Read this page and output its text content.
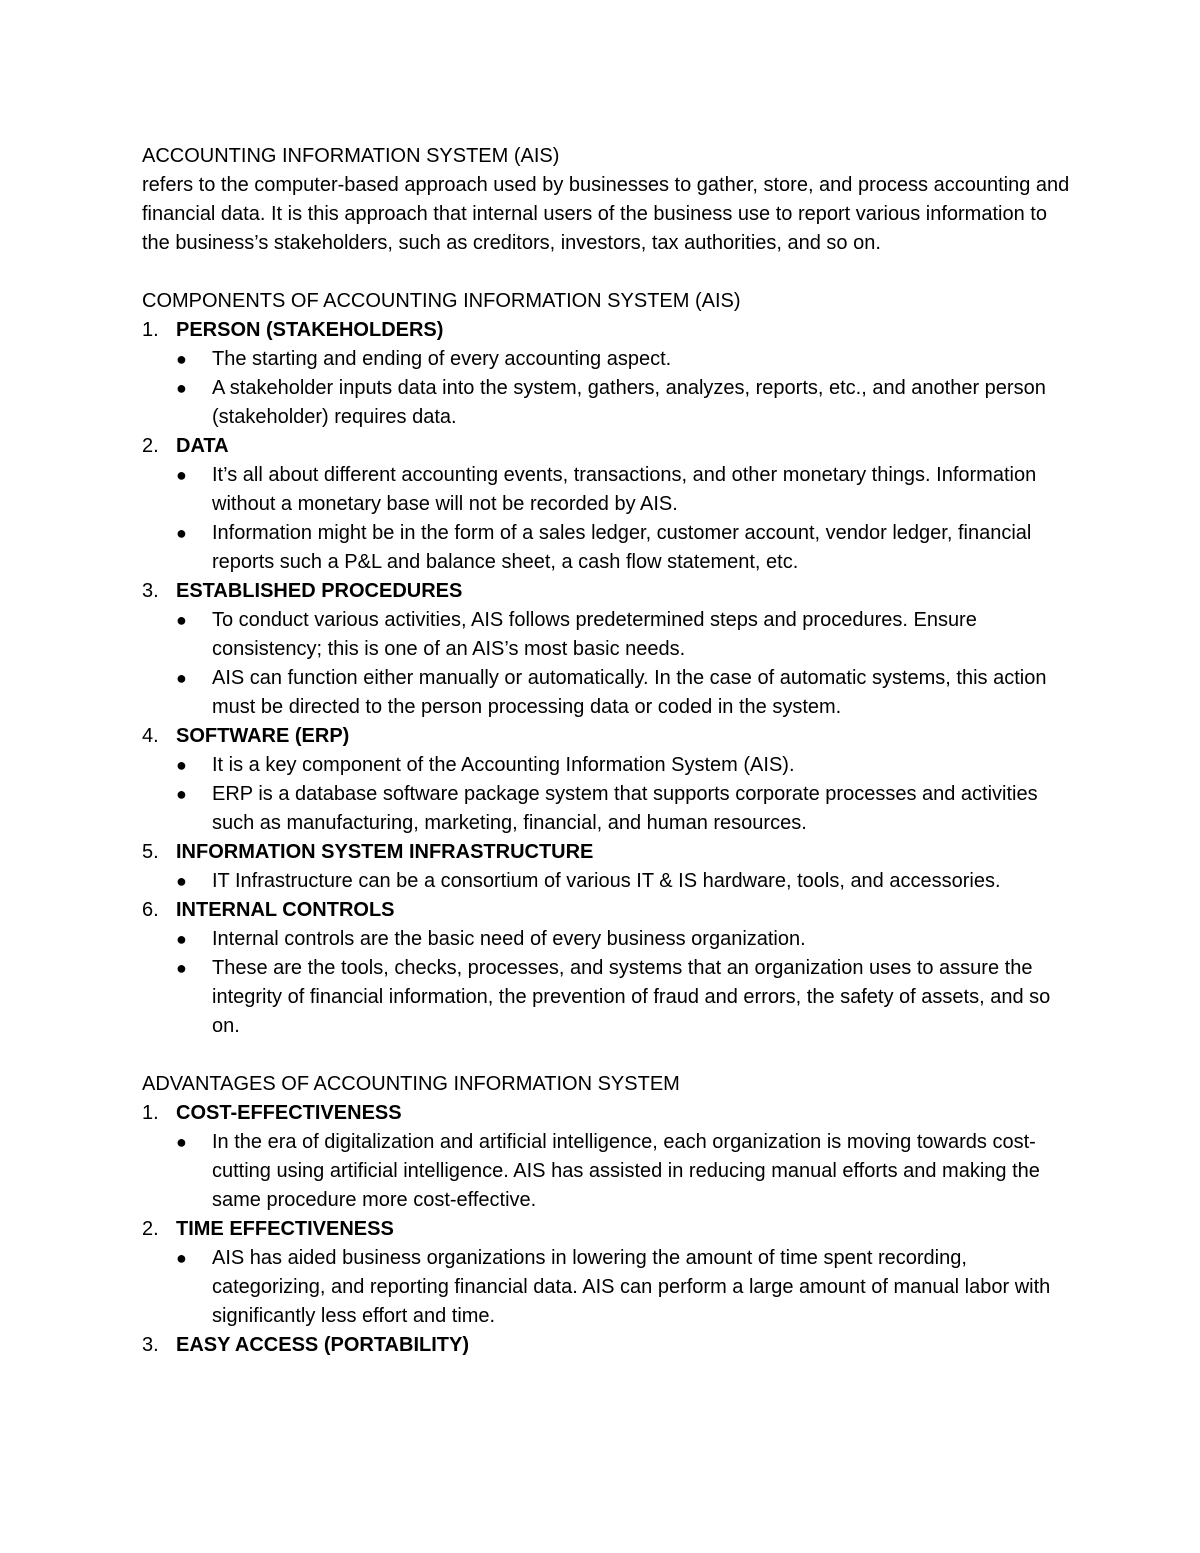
ACCOUNTING INFORMATION SYSTEM (AIS)
refers to the computer-based approach used by businesses to gather, store, and process accounting and financial data. It is this approach that internal users of the business use to report various information to the business’s stakeholders, such as creditors, investors, tax authorities, and so on.
COMPONENTS OF ACCOUNTING INFORMATION SYSTEM (AIS)
1. PERSON (STAKEHOLDERS)
●	The starting and ending of every accounting aspect.
●	A stakeholder inputs data into the system, gathers, analyzes, reports, etc., and another person (stakeholder) requires data.
2. DATA
●	It’s all about different accounting events, transactions, and other monetary things. Information without a monetary base will not be recorded by AIS.
●	Information might be in the form of a sales ledger, customer account, vendor ledger, financial reports such a P&L and balance sheet, a cash flow statement, etc.
3. ESTABLISHED PROCEDURES
●	To conduct various activities, AIS follows predetermined steps and procedures. Ensure consistency; this is one of an AIS’s most basic needs.
●	AIS can function either manually or automatically. In the case of automatic systems, this action must be directed to the person processing data or coded in the system.
4. SOFTWARE (ERP)
●	It is a key component of the Accounting Information System (AIS).
●	ERP is a database software package system that supports corporate processes and activities such as manufacturing, marketing, financial, and human resources.
5. INFORMATION SYSTEM INFRASTRUCTURE
●	IT Infrastructure can be a consortium of various IT & IS hardware, tools, and accessories.
6. INTERNAL CONTROLS
●	Internal controls are the basic need of every business organization.
●	These are the tools, checks, processes, and systems that an organization uses to assure the integrity of financial information, the prevention of fraud and errors, the safety of assets, and so on.
ADVANTAGES OF ACCOUNTING INFORMATION SYSTEM
1. COST-EFFECTIVENESS
●	In the era of digitalization and artificial intelligence, each organization is moving towards cost-cutting using artificial intelligence. AIS has assisted in reducing manual efforts and making the same procedure more cost-effective.
2. TIME EFFECTIVENESS
●	AIS has aided business organizations in lowering the amount of time spent recording, categorizing, and reporting financial data. AIS can perform a large amount of manual labor with significantly less effort and time.
3. EASY ACCESS (PORTABILITY)
